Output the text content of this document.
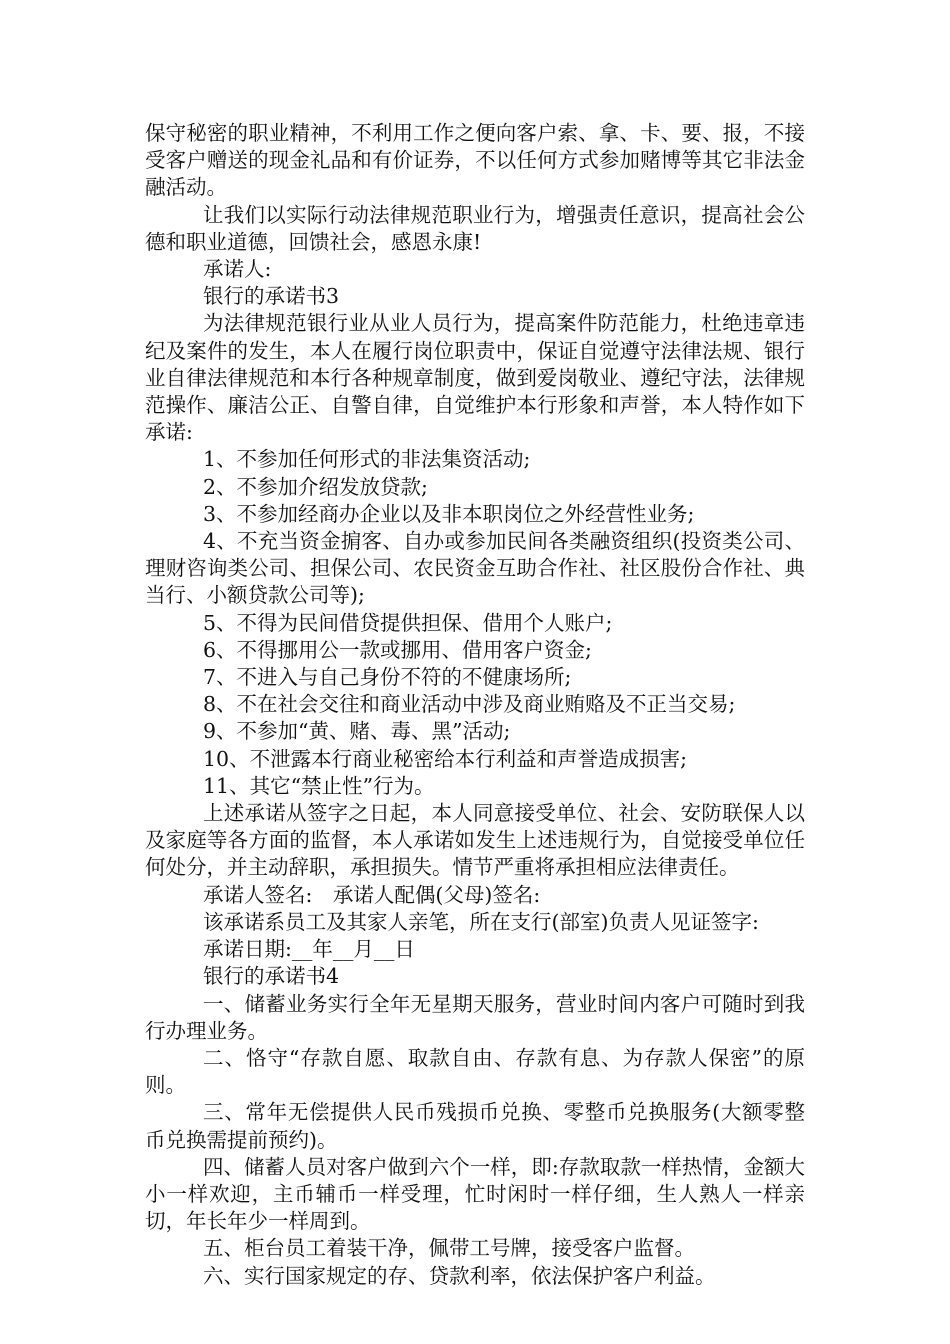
保守秘密的职业精神，不利用工作之便向客户索、拿、卡、要、报，不接受客户赠送的现金礼品和有价证券，不以任何方式参加赌博等其它非法金融活动。

让我们以实际行动法律规范职业行为，增强责任意识，提高社会公德和职业道德，回馈社会，感恩永康!

承诺人:

银行的承诺书3

为法律规范银行业从业人员行为，提高案件防范能力，杜绝违章违纪及案件的发生，本人在履行岗位职责中，保证自觉遵守法律法规、银行业自律法律规范和本行各种规章制度，做到爱岗敬业、遵纪守法，法律规范操作、廉洁公正、自警自律，自觉维护本行形象和声誉，本人特作如下承诺:

1、不参加任何形式的非法集资活动;

2、不参加介绍发放贷款;

3、不参加经商办企业以及非本职岗位之外经营性业务;

4、不充当资金掮客、自办或参加民间各类融资组织(投资类公司、理财咨询类公司、担保公司、农民资金互助合作社、社区股份合作社、典当行、小额贷款公司等);

5、不得为民间借贷提供担保、借用个人账户;

6、不得挪用公一款或挪用、借用客户资金;

7、不进入与自己身份不符的不健康场所;

8、不在社会交往和商业活动中涉及商业贿赂及不正当交易;

9、不参加“黄、赌、毒、黑”活动;

10、不泄露本行商业秘密给本行利益和声誉造成损害;

11、其它“禁止性”行为。

上述承诺从签字之日起，本人同意接受单位、社会、安防联保人以及家庭等各方面的监督，本人承诺如发生上述违规行为，自觉接受单位任何处分，并主动辞职，承担损失。情节严重将承担相应法律责任。

承诺人签名:　承诺人配偶(父母)签名:

该承诺系员工及其家人亲笔，所在支行(部室)负责人见证签字:

承诺日期:__年__月__日

银行的承诺书4

一、储蓄业务实行全年无星期天服务，营业时间内客户可随时到我行办理业务。

二、恪守“存款自愿、取款自由、存款有息、为存款人保密”的原则。

三、常年无偿提供人民币残损币兑换、零整币兑换服务(大额零整币兑换需提前预约)。

四、储蓄人员对客户做到六个一样，即:存款取款一样热情，金额大小一样欢迎，主币辅币一样受理，忙时闲时一样仔细，生人熟人一样亲切，年长年少一样周到。

五、柜台员工着装干净，佩带工号牌，接受客户监督。

六、实行国家规定的存、贷款利率，依法保护客户利益。
